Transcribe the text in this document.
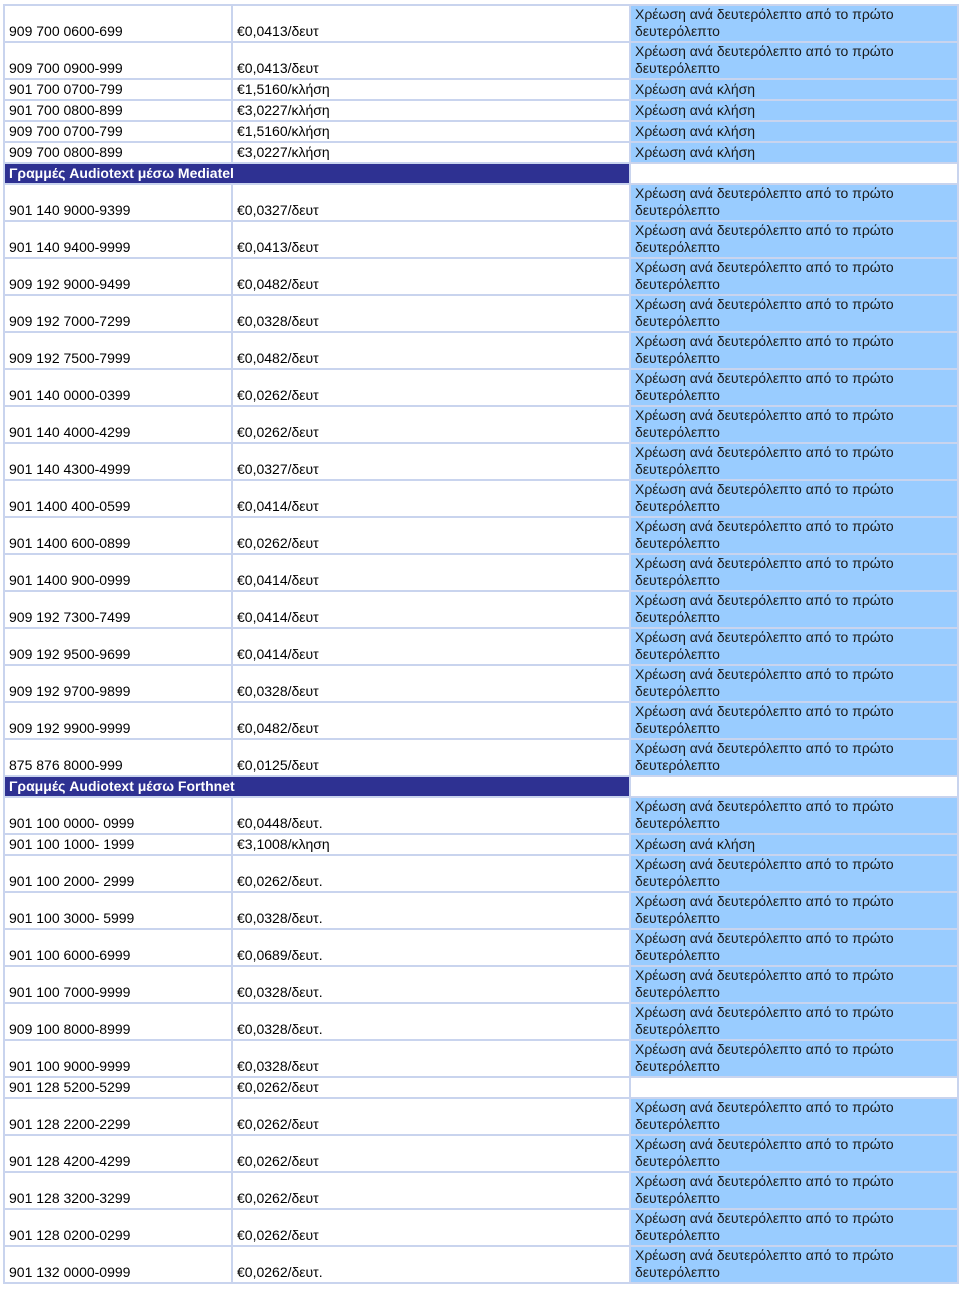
909 700 0600-699	€0,0413/δευτ	Χρέωση ανά δευτερόλεπτο από το πρώτο δευτερόλεπτο
909 700 0900-999	€0,0413/δευτ	Χρέωση ανά δευτερόλεπτο από το πρώτο δευτερόλεπτο
901 700 0700-799	€1,5160/κλήση	Χρέωση ανά κλήση
901 700 0800-899	€3,0227/κλήση	Χρέωση ανά κλήση
909 700 0700-799	€1,5160/κλήση	Χρέωση ανά κλήση
909 700 0800-899	€3,0227/κλήση	Χρέωση ανά κλήση
Γραμμές Audiotext μέσω Mediatel		
901 140 9000-9399	€0,0327/δευτ	Χρέωση ανά δευτερόλεπτο από το πρώτο δευτερόλεπτο
901 140 9400-9999	€0,0413/δευτ	Χρέωση ανά δευτερόλεπτο από το πρώτο δευτερόλεπτο
909 192 9000-9499	€0,0482/δευτ	Χρέωση ανά δευτερόλεπτο από το πρώτο δευτερόλεπτο
909 192 7000-7299	€0,0328/δευτ	Χρέωση ανά δευτερόλεπτο από το πρώτο δευτερόλεπτο
909 192 7500-7999	€0,0482/δευτ	Χρέωση ανά δευτερόλεπτο από το πρώτο δευτερόλεπτο
901 140 0000-0399	€0,0262/δευτ	Χρέωση ανά δευτερόλεπτο από το πρώτο δευτερόλεπτο
901 140 4000-4299	€0,0262/δευτ	Χρέωση ανά δευτερόλεπτο από το πρώτο δευτερόλεπτο
901 140 4300-4999	€0,0327/δευτ	Χρέωση ανά δευτερόλεπτο από το πρώτο δευτερόλεπτο
901 1400 400-0599	€0,0414/δευτ	Χρέωση ανά δευτερόλεπτο από το πρώτο δευτερόλεπτο
901 1400 600-0899	€0,0262/δευτ	Χρέωση ανά δευτερόλεπτο από το πρώτο δευτερόλεπτο
901 1400 900-0999	€0,0414/δευτ	Χρέωση ανά δευτερόλεπτο από το πρώτο δευτερόλεπτο
909 192 7300-7499	€0,0414/δευτ	Χρέωση ανά δευτερόλεπτο από το πρώτο δευτερόλεπτο
909 192 9500-9699	€0,0414/δευτ	Χρέωση ανά δευτερόλεπτο από το πρώτο δευτερόλεπτο
909 192 9700-9899	€0,0328/δευτ	Χρέωση ανά δευτερόλεπτο από το πρώτο δευτερόλεπτο
909 192 9900-9999	€0,0482/δευτ	Χρέωση ανά δευτερόλεπτο από το πρώτο δευτερόλεπτο
875 876 8000-999	€0,0125/δευτ	Χρέωση ανά δευτερόλεπτο από το πρώτο δευτερόλεπτο
Γραμμές Audiotext μέσω Forthnet		
901 100 0000- 0999	€0,0448/δευτ.	Χρέωση ανά δευτερόλεπτο από το πρώτο δευτερόλεπτο
901 100 1000- 1999	€3,1008/κληση	Χρέωση ανά κλήση
901 100 2000- 2999	€0,0262/δευτ.	Χρέωση ανά δευτερόλεπτο από το πρώτο δευτερόλεπτο
901 100 3000- 5999	€0,0328/δευτ.	Χρέωση ανά δευτερόλεπτο από το πρώτο δευτερόλεπτο
901 100 6000-6999	€0,0689/δευτ.	Χρέωση ανά δευτερόλεπτο από το πρώτο δευτερόλεπτο
901 100 7000-9999	€0,0328/δευτ.	Χρέωση ανά δευτερόλεπτο από το πρώτο δευτερόλεπτο
909 100 8000-8999	€0,0328/δευτ.	Χρέωση ανά δευτερόλεπτο από το πρώτο δευτερόλεπτο
901 100 9000-9999	€0,0328/δευτ	Χρέωση ανά δευτερόλεπτο από το πρώτο δευτερόλεπτο
901 128 5200-5299	€0,0262/δευτ	
901 128 2200-2299	€0,0262/δευτ	Χρέωση ανά δευτερόλεπτο από το πρώτο δευτερόλεπτο
901 128 4200-4299	€0,0262/δευτ	Χρέωση ανά δευτερόλεπτο από το πρώτο δευτερόλεπτο
901 128 3200-3299	€0,0262/δευτ	Χρέωση ανά δευτερόλεπτο από το πρώτο δευτερόλεπτο
901 128 0200-0299	€0,0262/δευτ	Χρέωση ανά δευτερόλεπτο από το πρώτο δευτερόλεπτο
901 132 0000-0999	€0,0262/δευτ.	Χρέωση ανά δευτερόλεπτο από το πρώτο δευτερόλεπτο
